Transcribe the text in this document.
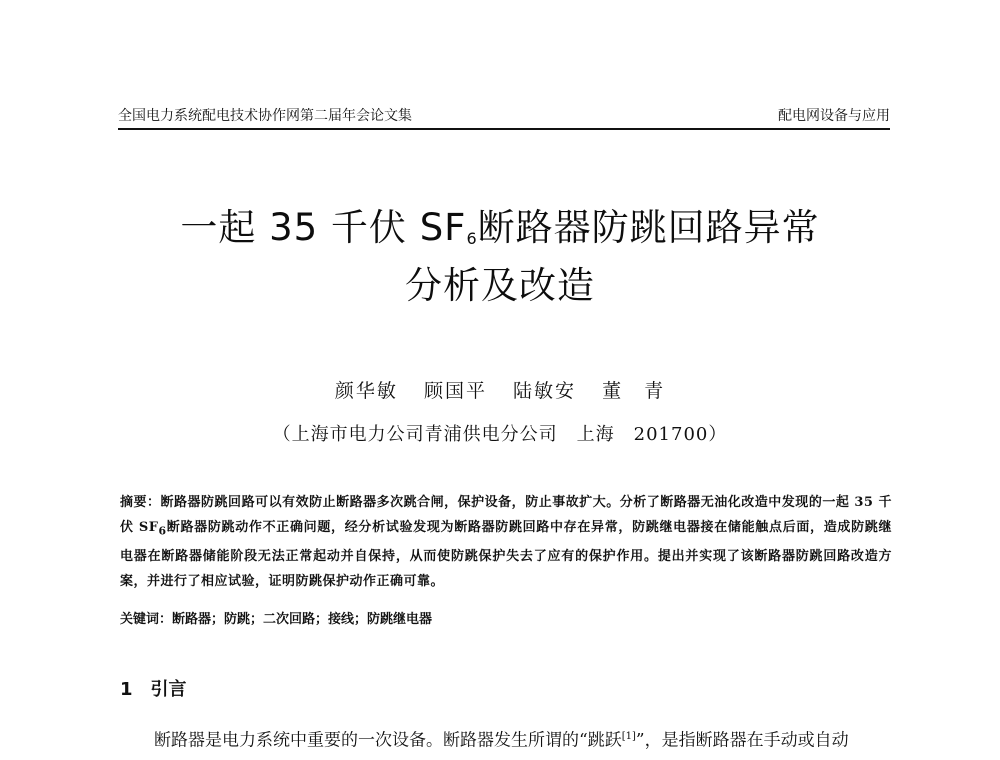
全国电力系统配电技术协作网第二届年会论文集	配电网设备与应用
一起 35 千伏 $SF_6$断路器防跳回路异常
分析及改造
颜华敏 顾国平 陆敏安 董　青
（上海市电力公司青浦供电分公司　上海　201700）
摘要：断路器防跳回路可以有效防止断路器多次跳合闸，保护设备，防止事故扩大。分析了断路器无油化改造中发现的一起 35 千伏 $SF_6$断路器防跳动作不正确问题，经分析试验发现为断路器防跳回路中存在异常，防跳继电器接在储能触点后面，造成防跳继电器在断路器储能阶段无法正常起动并自保持，从而使防跳保护失去了应有的保护作用。提出并实现了该断路器防跳回路改造方案，并进行了相应试验，证明防跳保护动作正确可靠。
关键词：断路器；防跳；二次回路；接线；防跳继电器
1 引言
断路器是电力系统中重要的一次设备。断路器发生所谓的“跳跃[1]”，是指断路器在手动或自动
